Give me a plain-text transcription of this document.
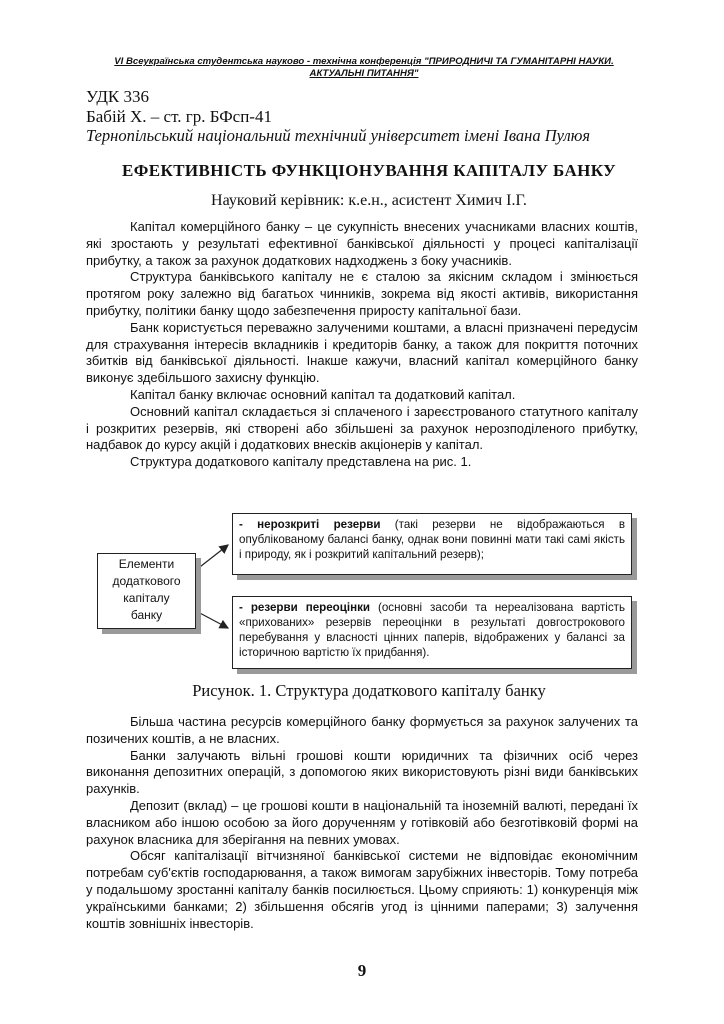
VI Всеукраїнська студентська науково - технічна конференція "ПРИРОДНИЧІ ТА ГУМАНІТАРНІ НАУКИ.
АКТУАЛЬНІ ПИТАННЯ"
УДК 336
Бабій Х. – ст. гр. БФсп-41
Тернопільський національний технічний університет імені Івана Пулюя
ЕФЕКТИВНІСТЬ ФУНКЦІОНУВАННЯ КАПІТАЛУ БАНКУ
Науковий керівник: к.е.н., асистент Химич І.Г.

Капітал комерційного банку – це сукупність внесених учасниками власних коштів, які зростають у результаті ефективної банківської діяльності у процесі капіталізації прибутку, а також за рахунок додаткових надходжень з боку учасників.

Структура банківського капіталу не є сталою за якісним складом і змінюється протягом року залежно від багатьох чинників, зокрема від якості активів, використання прибутку, політики банку щодо забезпечення приросту капітальної бази.

Банк користується переважно залученими коштами, а власні призначені передусім для страхування інтересів вкладників і кредиторів банку, а також для покриття поточних збитків від банківської діяльності. Інакше кажучи, власний капітал комерційного банку виконує здебільшого захисну функцію.

Капітал банку включає основний капітал та додатковий капітал.

Основний капітал складається зі сплаченого і зареєстрованого статутного капіталу і розкритих резервів, які створені або збільшені за рахунок нерозподіленого прибутку, надбавок до курсу акцій і додаткових внесків акціонерів у капітал.

Структура додаткового капіталу представлена на рис. 1.

Елементи
додаткового
капіталу
банку
- нерозкриті резерви (такі резерви не відображаються в опублікованому балансі банку, однак вони повинні мати такі самі якість і природу, як і розкритий капітальний резерв);
- резерви переоцінки (основні засоби та нереалізована вартість «прихованих» резервів переоцінки в результаті довгострокового перебування у власності цінних паперів, відображених у балансі за історичною вартістю їх придбання).
Рисунок. 1. Структура додаткового капіталу банку

Більша частина ресурсів комерційного банку формується за рахунок залучених та позичених коштів, а не власних.

Банки залучають вільні грошові кошти юридичних та фізичних осіб через виконання депозитних операцій, з допомогою яких використовують різні види банківських рахунків.

Депозит (вклад) – це грошові кошти в національній та іноземній валюті, передані їх власником або іншою особою за його дорученням у готівковій або безготівковій формі на рахунок власника для зберігання на певних умовах.

Обсяг капіталізації вітчизняної банківської системи не відповідає економічним потребам суб'єктів господарювання, а також вимогам зарубіжних інвесторів. Тому потреба у подальшому зростанні капіталу банків посилюється. Цьому сприяють: 1) конкуренція між українськими банками; 2) збільшення обсягів угод із цінними паперами; 3) залучення коштів зовнішніх інвесторів.

9
